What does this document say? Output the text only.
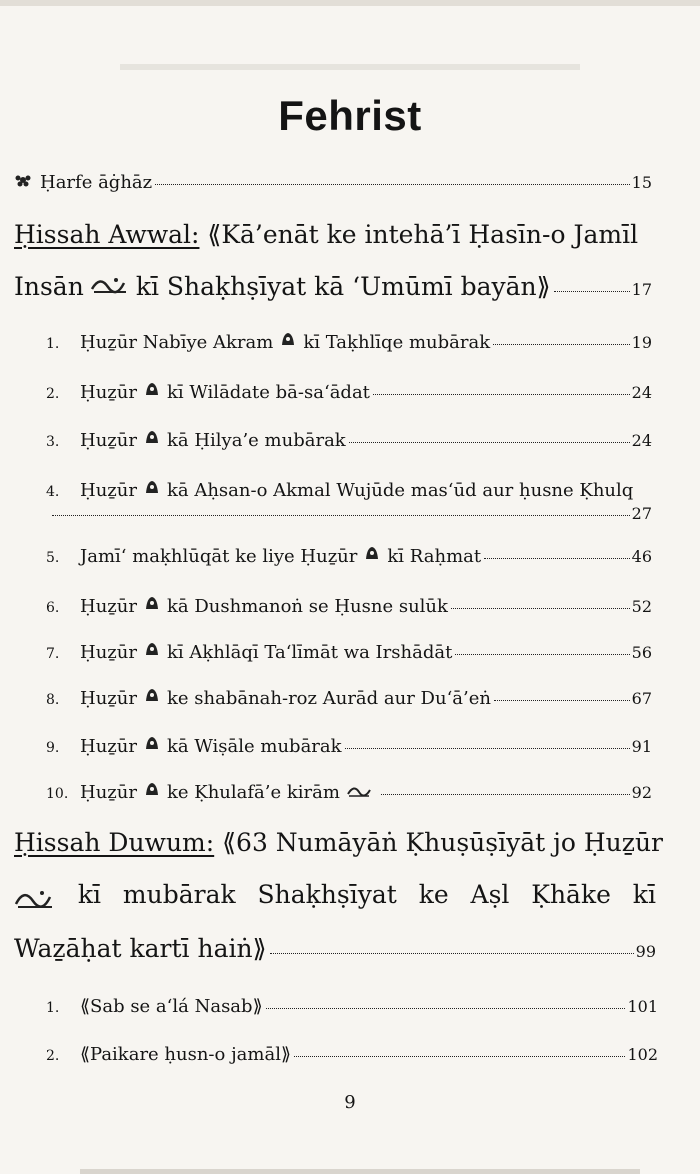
Fehrist
Ḥarfe āġhāz	15
Ḥissah Awwal: ⟪Kā’enāt ke intehā’ī Ḥasīn-o Jamīl
Insān kī Shaḳhṣīyat kā ‘Umūmī bayān⟫	17
1.	Ḥuẕūr Nabīye Akram kī Taḳhlīqe mubārak	19
2.	Ḥuẕūr kī Wilādate bā-sa‘ādat	24
3.	Ḥuẕūr kā Ḥilya’e mubārak	24
4.	Ḥuẕūr kā Aḥsan-o Akmal Wujūde mas‘ūd aur ḥusne Ḳhulq
27
5.	Jamī‘ maḳhlūqāt ke liye Ḥuẕūr kī Raḥmat	46
6.	Ḥuẕūr kā Dushmanoṅ se Ḥusne sulūk	52
7.	Ḥuẕūr kī Aḳhlāqī Ta‘līmāt wa Irshādāt	56
8.	Ḥuẕūr ke shabānah-roz Aurād aur Du‘ā’eṅ	67
9.	Ḥuẕūr kā Wiṣāle mubārak	91
10. Ḥuẕūr ke Ḳhulafā’e kirām	92
Ḥissah Duwum: ⟪63 Numāyāṅ Ḳhuṣūṣīyāt jo Ḥuẕūr
kī mubārak Shaḳhṣīyat ke Aṣl Ḳhāke kī
Waẕāḥat kartī haiṅ⟫	99
1.	⟪Sab se a‘lá Nasab⟫	101
2.	⟪Paikare ḥusn-o jamāl⟫	102
9
